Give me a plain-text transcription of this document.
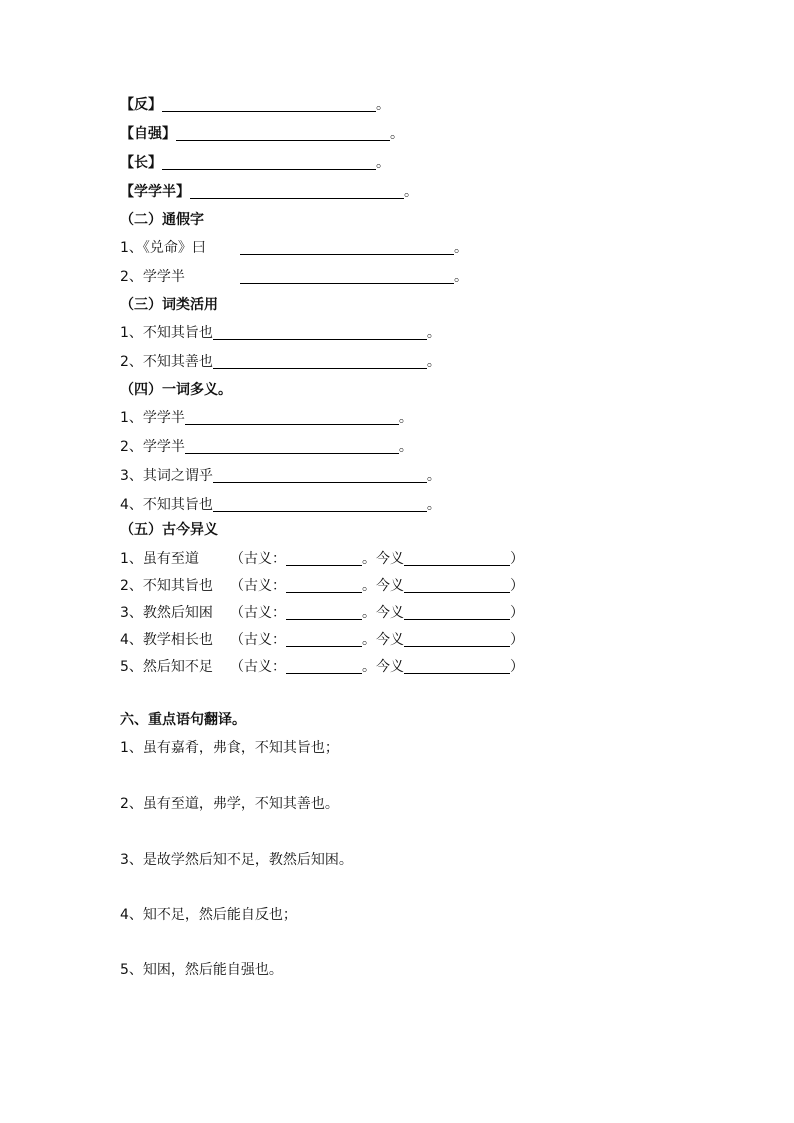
【反】	。
【自强】	。
【长】	。
【学学半】	。
（二）通假字
1、《兑命》曰	。
2、学学半	。
（三）词类活用
1、不知其旨也	。
2、不知其善也	。
（四）一词多义。
1、学学半	。
2、学学半	。
3、其词之谓乎	。
4、不知其旨也	。
（五）古今异义
1、虽有至道 （古义：	。今义	）
2、不知其旨也 （古义：	。今义	）
3、教然后知困 （古义：	。今义	）
4、教学相长也 （古义：	。今义	）
5、然后知不足 （古义：	。今义	）
六、重点语句翻译。
1、虽有嘉肴，弗食，不知其旨也；
2、虽有至道，弗学，不知其善也。
3、是故学然后知不足，教然后知困。
4、知不足，然后能自反也；
5、知困，然后能自强也。
